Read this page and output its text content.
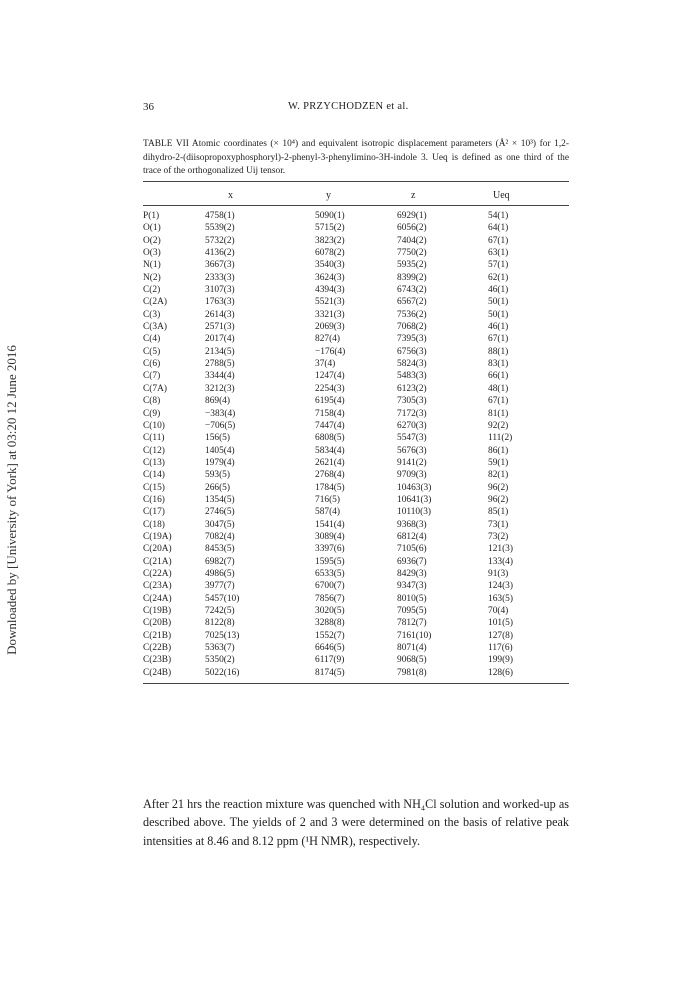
Downloaded by [University of York] at 03:20 12 June 2016
36	W. PRZYCHODZEN et al.
TABLE VII Atomic coordinates (× 10⁴) and equivalent isotropic displacement parameters (Å² × 10³) for 1,2-dihydro-2-(diisopropoxyphosphoryl)-2-phenyl-3-phenylimino-3H-indole 3. Ueq is defined as one third of the trace of the orthogonalized Uij tensor.
x	y	z	Ueq
P(1)	4758(1)	5090(1)	6929(1)	54(1)
O(1)	5539(2)	5715(2)	6056(2)	64(1)
O(2)	5732(2)	3823(2)	7404(2)	67(1)
O(3)	4136(2)	6078(2)	7750(2)	63(1)
N(1)	3667(3)	3540(3)	5935(2)	57(1)
N(2)	2333(3)	3624(3)	8399(2)	62(1)
C(2)	3107(3)	4394(3)	6743(2)	46(1)
C(2A)	1763(3)	5521(3)	6567(2)	50(1)
C(3)	2614(3)	3321(3)	7536(2)	50(1)
C(3A)	2571(3)	2069(3)	7068(2)	46(1)
C(4)	2017(4)	827(4)	7395(3)	67(1)
C(5)	2134(5)	−176(4)	6756(3)	88(1)
C(6)	2788(5)	37(4)	5824(3)	83(1)
C(7)	3344(4)	1247(4)	5483(3)	66(1)
C(7A)	3212(3)	2254(3)	6123(2)	48(1)
C(8)	869(4)	6195(4)	7305(3)	67(1)
C(9)	−383(4)	7158(4)	7172(3)	81(1)
C(10)	−706(5)	7447(4)	6270(3)	92(2)
C(11)	156(5)	6808(5)	5547(3)	111(2)
C(12)	1405(4)	5834(4)	5676(3)	86(1)
C(13)	1979(4)	2621(4)	9141(2)	59(1)
C(14)	593(5)	2768(4)	9709(3)	82(1)
C(15)	266(5)	1784(5)	10463(3)	96(2)
C(16)	1354(5)	716(5)	10641(3)	96(2)
C(17)	2746(5)	587(4)	10110(3)	85(1)
C(18)	3047(5)	1541(4)	9368(3)	73(1)
C(19A)	7082(4)	3089(4)	6812(4)	73(2)
C(20A)	8453(5)	3397(6)	7105(6)	121(3)
C(21A)	6982(7)	1595(5)	6936(7)	133(4)
C(22A)	4986(5)	6533(5)	8429(3)	91(3)
C(23A)	3977(7)	6700(7)	9347(3)	124(3)
C(24A)	5457(10)	7856(7)	8010(5)	163(5)
C(19B)	7242(5)	3020(5)	7095(5)	70(4)
C(20B)	8122(8)	3288(8)	7812(7)	101(5)
C(21B)	7025(13)	1552(7)	7161(10)	127(8)
C(22B)	5363(7)	6646(5)	8071(4)	117(6)
C(23B)	5350(2)	6117(9)	9068(5)	199(9)
C(24B)	5022(16)	8174(5)	7981(8)	128(6)
After 21 hrs the reaction mixture was quenched with NH₄Cl solution and worked-up as described above. The yields of 2 and 3 were determined on the basis of relative peak intensities at 8.46 and 8.12 ppm (¹H NMR), respectively.
